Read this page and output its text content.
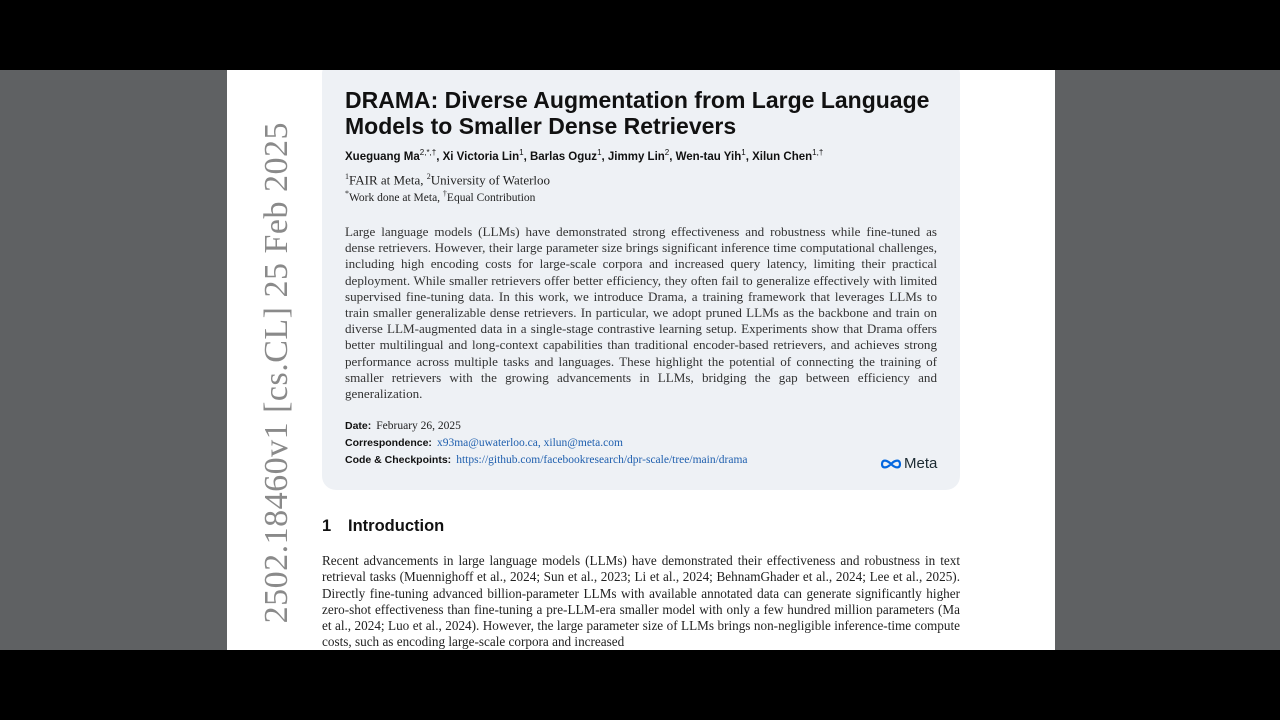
2502.18460v1 [cs.CL] 25 Feb 2025
DRAMA: Diverse Augmentation from Large Language Models to Smaller Dense Retrievers
Xueguang $Ma^{2,*,\dagger}$, Xi Victoria Lin$^1$, Barlas Oguz$^1$, Jimmy Lin$^2$, Wen-tau Yih$^1$, Xilun Chen$^{1,\dagger}$
$^1$FAIR at Meta, $^2$University of Waterloo
*Work done at Meta, †Equal Contribution

Large language models (LLMs) have demonstrated strong effectiveness and robustness while fine-tuned as dense retrievers. However, their large parameter size brings significant inference time computational challenges, including high encoding costs for large-scale corpora and increased query latency, limiting their practical deployment. While smaller retrievers offer better efficiency, they often fail to generalize effectively with limited supervised fine-tuning data. In this work, we introduce Drama, a training framework that leverages LLMs to train smaller generalizable dense retrievers. In particular, we adopt pruned LLMs as the backbone and train on diverse LLM-augmented data in a single-stage contrastive learning setup. Experiments show that Drama offers better multilingual and long-context capabilities than traditional encoder-based retrievers, and achieves strong performance across multiple tasks and languages. These highlight the potential of connecting the training of smaller retrievers with the growing advancements in LLMs, bridging the gap between efficiency and generalization.

Date: February 26, 2025
Correspondence: x93ma@uwaterloo.ca, xilun@meta.com
Code & Checkpoints: https://github.com/facebookresearch/dpr-scale/tree/main/drama	Meta
1 Introduction

Recent advancements in large language models (LLMs) have demonstrated their effectiveness and robustness in text retrieval tasks (Muennighoff et al., 2024; Sun et al., 2023; Li et al., 2024; BehnamGhader et al., 2024; Lee et al., 2025). Directly fine-tuning advanced billion-parameter LLMs with available annotated data can generate significantly higher zero-shot effectiveness than fine-tuning a pre-LLM-era smaller model with only a few hundred million parameters (Ma et al., 2024; Luo et al., 2024). However, the large parameter size of LLMs brings non-negligible inference-time compute costs, such as encoding large-scale corpora and increased
